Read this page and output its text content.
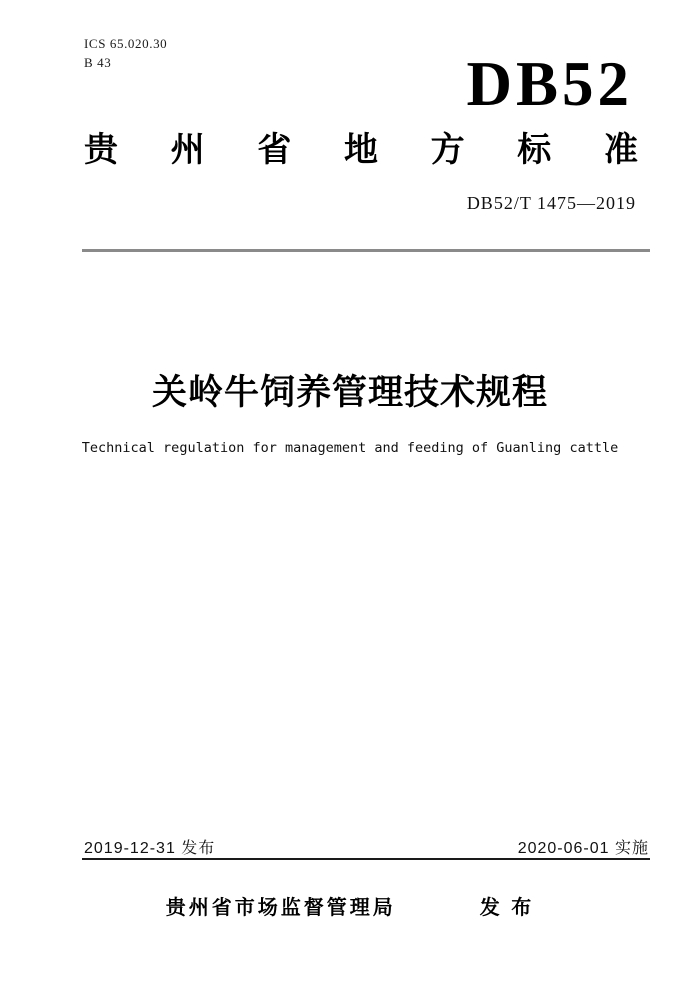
ICS 65.020.30
B 43	DB52
贵 州 省 地 方 标 准
DB52/T 1475—2019
关岭牛饲养管理技术规程
Technical regulation for management and feeding of Guanling cattle
2019-12-31 发布	2020-06-01 实施
贵州省市场监督管理局	发 布
